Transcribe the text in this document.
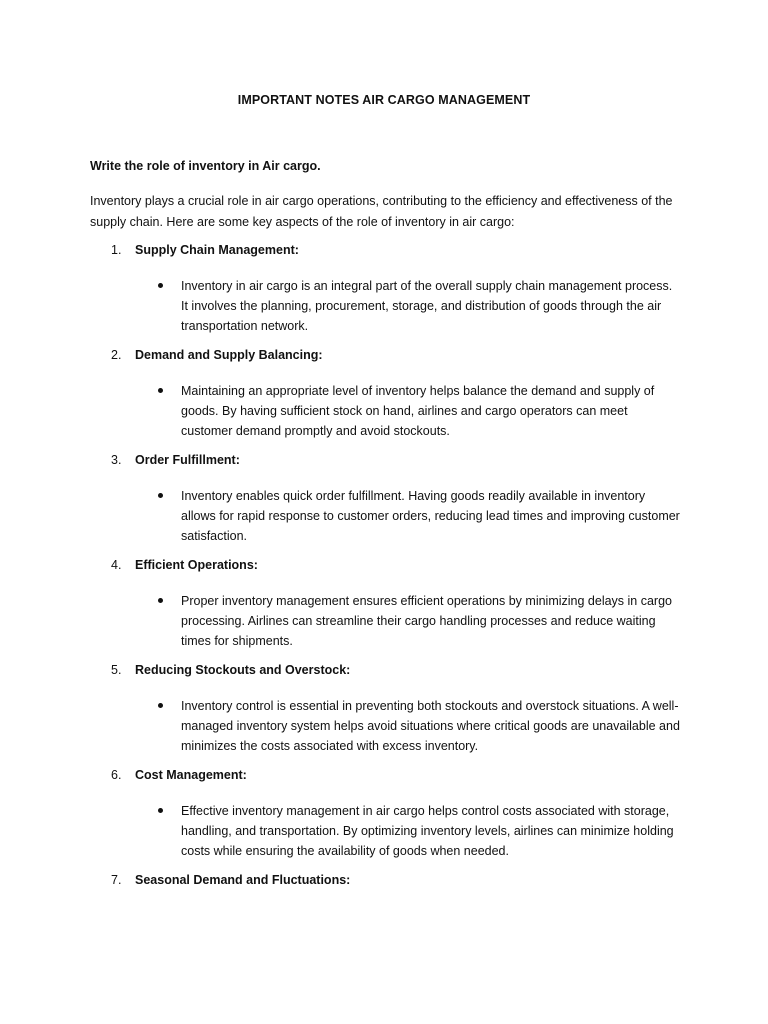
IMPORTANT NOTES AIR CARGO MANAGEMENT
Write the role of inventory in Air cargo.
Inventory plays a crucial role in air cargo operations, contributing to the efficiency and effectiveness of the supply chain. Here are some key aspects of the role of inventory in air cargo:
1. Supply Chain Management:
Inventory in air cargo is an integral part of the overall supply chain management process. It involves the planning, procurement, storage, and distribution of goods through the air transportation network.
2. Demand and Supply Balancing:
Maintaining an appropriate level of inventory helps balance the demand and supply of goods. By having sufficient stock on hand, airlines and cargo operators can meet customer demand promptly and avoid stockouts.
3. Order Fulfillment:
Inventory enables quick order fulfillment. Having goods readily available in inventory allows for rapid response to customer orders, reducing lead times and improving customer satisfaction.
4. Efficient Operations:
Proper inventory management ensures efficient operations by minimizing delays in cargo processing. Airlines can streamline their cargo handling processes and reduce waiting times for shipments.
5. Reducing Stockouts and Overstock:
Inventory control is essential in preventing both stockouts and overstock situations. A well-managed inventory system helps avoid situations where critical goods are unavailable and minimizes the costs associated with excess inventory.
6. Cost Management:
Effective inventory management in air cargo helps control costs associated with storage, handling, and transportation. By optimizing inventory levels, airlines can minimize holding costs while ensuring the availability of goods when needed.
7. Seasonal Demand and Fluctuations:
